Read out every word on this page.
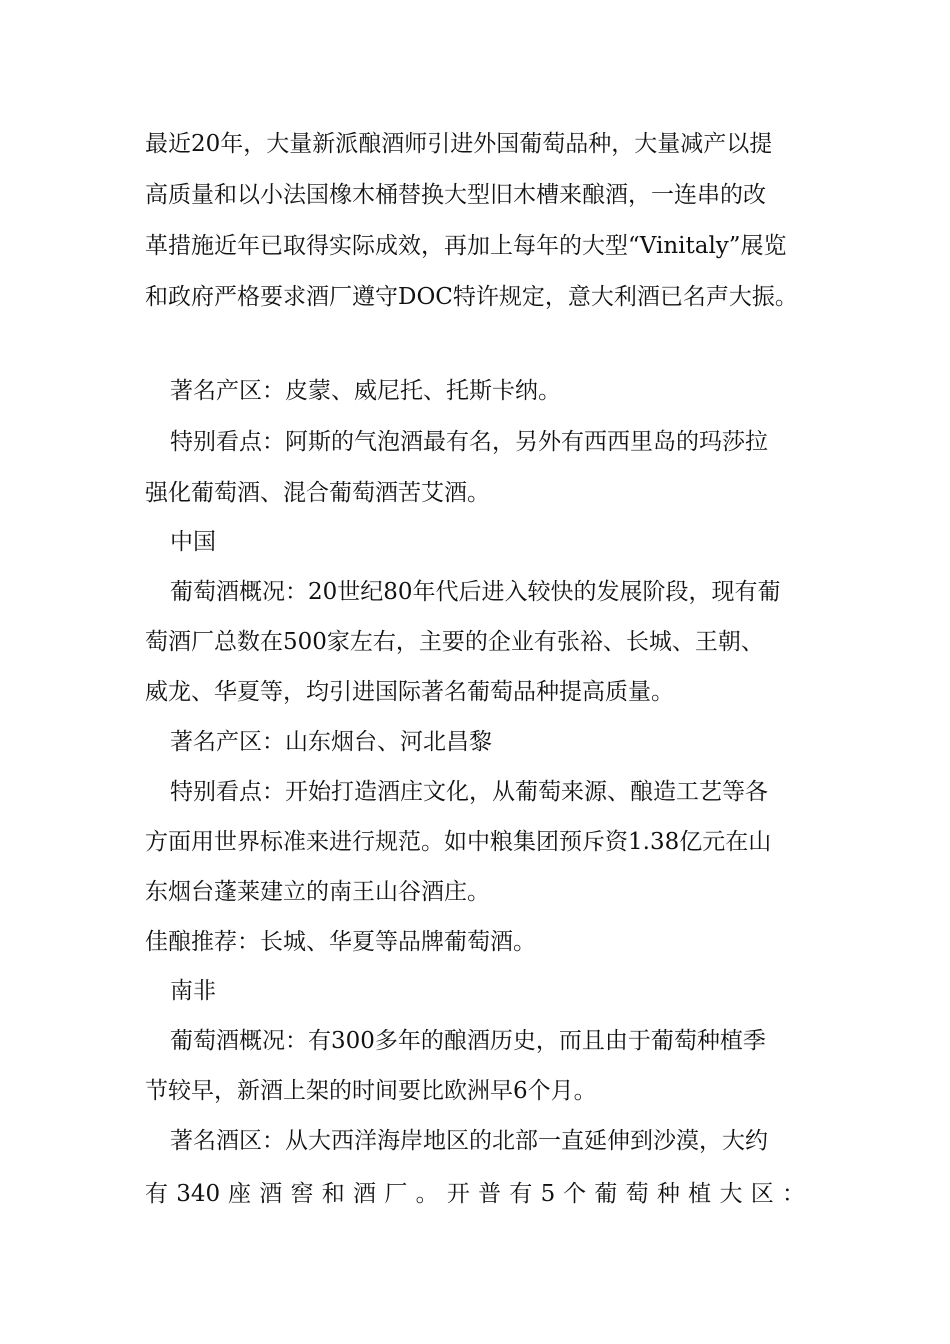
最近20年，大量新派酿酒师引进外国葡萄品种，大量减产以提
高质量和以小法国橡木桶替换大型旧木槽来酿酒，一连串的改
革措施近年已取得实际成效，再加上每年的大型“Vinitaly”展览
和政府严格要求酒厂遵守DOC特许规定，意大利酒已名声大振。
著名产区：皮蒙、威尼托、托斯卡纳。
特别看点：阿斯的气泡酒最有名，另外有西西里岛的玛莎拉
强化葡萄酒、混合葡萄酒苦艾酒。
中国
葡萄酒概况：20世纪80年代后进入较快的发展阶段，现有葡
萄酒厂总数在500家左右，主要的企业有张裕、长城、王朝、
威龙、华夏等，均引进国际著名葡萄品种提高质量。
著名产区：山东烟台、河北昌黎
特别看点：开始打造酒庄文化，从葡萄来源、酿造工艺等各
方面用世界标准来进行规范。如中粮集团预斥资1.38亿元在山
东烟台蓬莱建立的南王山谷酒庄。
佳酿推荐：长城、华夏等品牌葡萄酒。
南非
葡萄酒概况：有300多年的酿酒历史，而且由于葡萄种植季
节较早，新酒上架的时间要比欧洲早6个月。
著名酒区：从大西洋海岸地区的北部一直延伸到沙漠，大约
有 340 座 酒 窖 和 酒 厂 。 开 普 有 5 个 葡 萄 种 植 大 区 ：
